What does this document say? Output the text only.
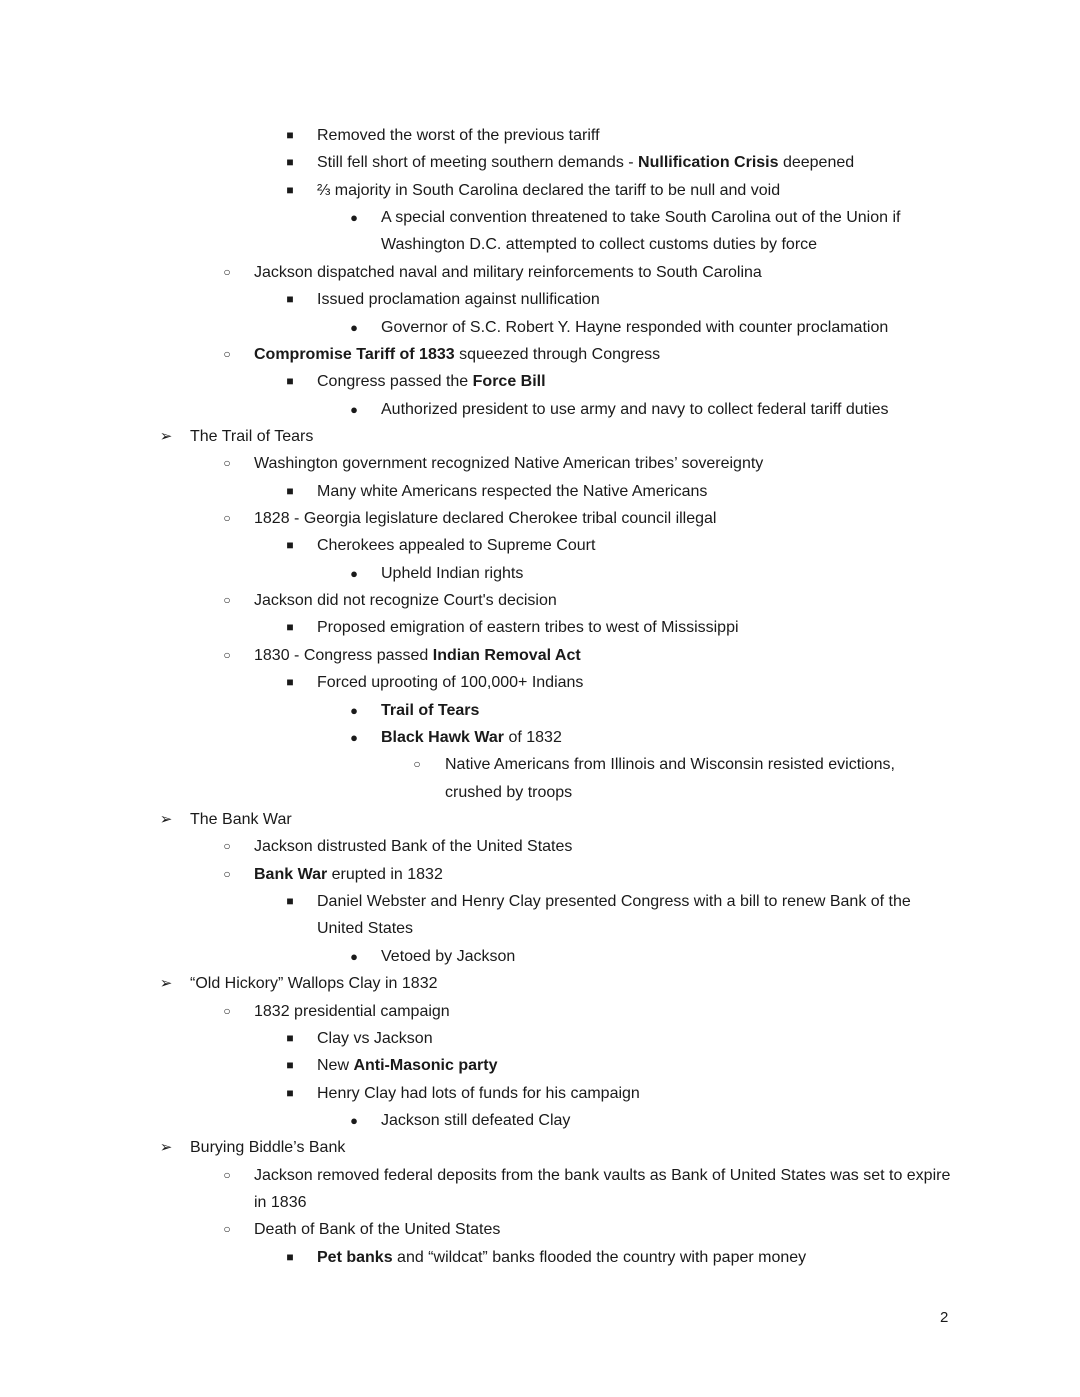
■	Removed the worst of the previous tariff
■	Still fell short of meeting southern demands - Nullification Crisis deepened
■	⅔ majority in South Carolina declared the tariff to be null and void
●	A special convention threatened to take South Carolina out of the Union if
Washington D.C. attempted to collect customs duties by force
○	Jackson dispatched naval and military reinforcements to South Carolina
■	Issued proclamation against nullification
●	Governor of S.C. Robert Y. Hayne responded with counter proclamation
○	Compromise Tariff of 1833 squeezed through Congress
■	Congress passed the Force Bill
●	Authorized president to use army and navy to collect federal tariff duties
➢ The Trail of Tears
○	Washington government recognized Native American tribes’ sovereignty
■	Many white Americans respected the Native Americans
○	1828 - Georgia legislature declared Cherokee tribal council illegal
■	Cherokees appealed to Supreme Court
●	Upheld Indian rights
○	Jackson did not recognize Court's decision
■	Proposed emigration of eastern tribes to west of Mississippi
○	1830 - Congress passed Indian Removal Act
■	Forced uprooting of 100,000+ Indians
●	Trail of Tears
●	Black Hawk War of 1832
○	Native Americans from Illinois and Wisconsin resisted evictions,
crushed by troops
➢ The Bank War
○	Jackson distrusted Bank of the United States
○	Bank War erupted in 1832
■	Daniel Webster and Henry Clay presented Congress with a bill to renew Bank of the
United States
●	Vetoed by Jackson
➢ “Old Hickory” Wallops Clay in 1832
○	1832 presidential campaign
■	Clay vs Jackson
■	New Anti-Masonic party
■	Henry Clay had lots of funds for his campaign
●	Jackson still defeated Clay
➢ Burying Biddle’s Bank
○	Jackson removed federal deposits from the bank vaults as Bank of United States was set to expire
in 1836
○	Death of Bank of the United States
■	Pet banks and “wildcat” banks flooded the country with paper money
2
